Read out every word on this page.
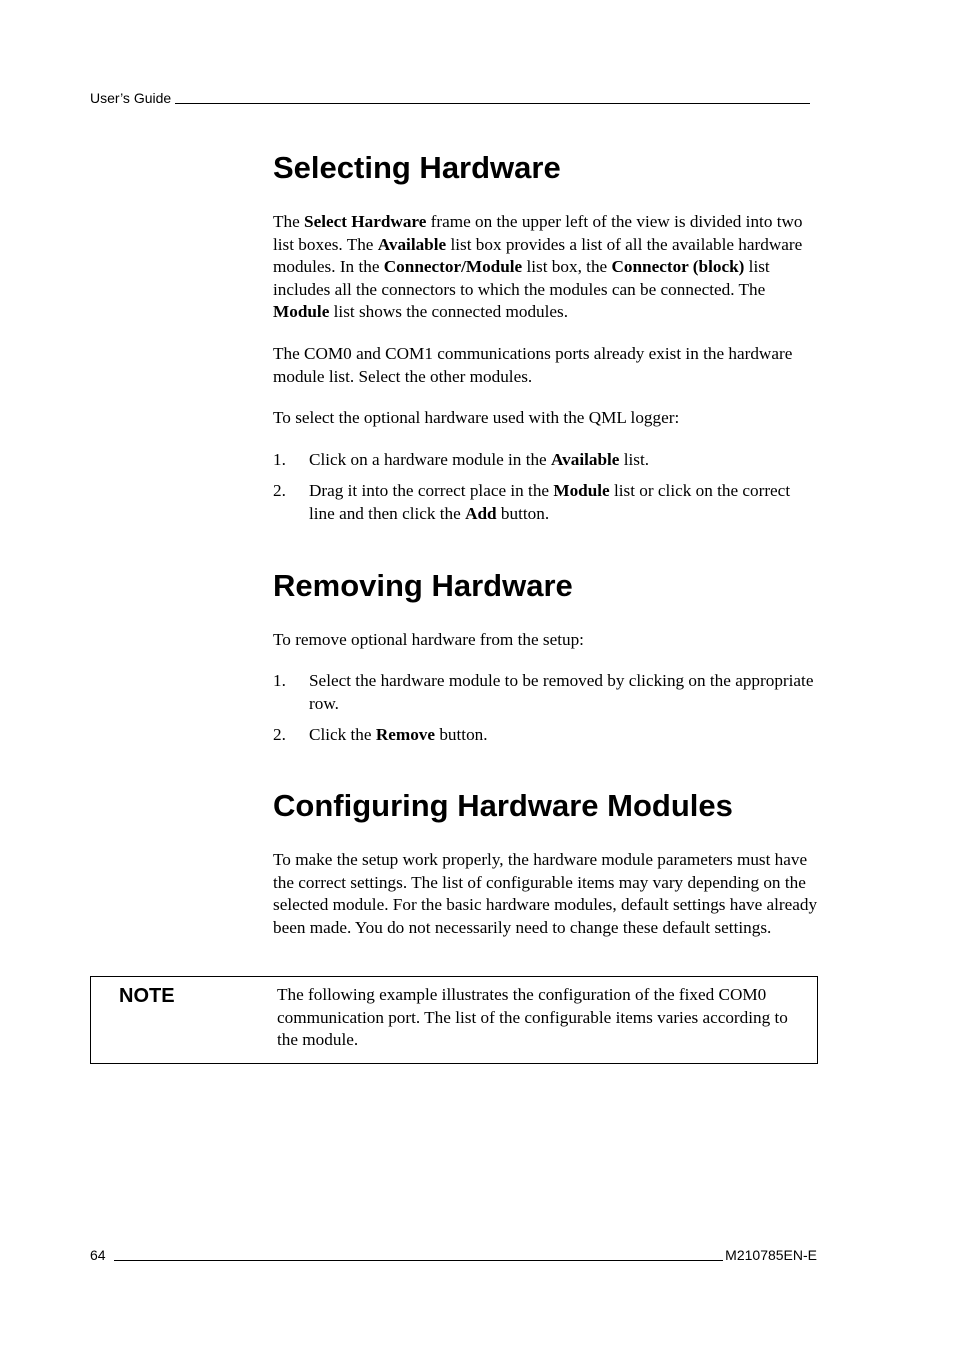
User’s Guide
Selecting Hardware

The Select Hardware frame on the upper left of the view is divided into two list boxes. The Available list box provides a list of all the available hardware modules. In the Connector/Module list box, the Connector (block) list includes all the connectors to which the modules can be connected. The Module list shows the connected modules.

The COM0 and COM1 communications ports already exist in the hardware module list. Select the other modules.

To select the optional hardware used with the QML logger:

1. Click on a hardware module in the Available list.
2. Drag it into the correct place in the Module list or click on the correct line and then click the Add button.
Removing Hardware

To remove optional hardware from the setup:

1. Select the hardware module to be removed by clicking on the appropriate row.
2. Click the Remove button.
Configuring Hardware Modules

To make the setup work properly, the hardware module parameters must have the correct settings. The list of configurable items may vary depending on the selected module. For the basic hardware modules, default settings have already been made. You do not necessarily need to change these default settings.

NOTE	The following example illustrates the configuration of the fixed COM0 communication port. The list of the configurable items varies according to the module.
64	M210785EN-E
